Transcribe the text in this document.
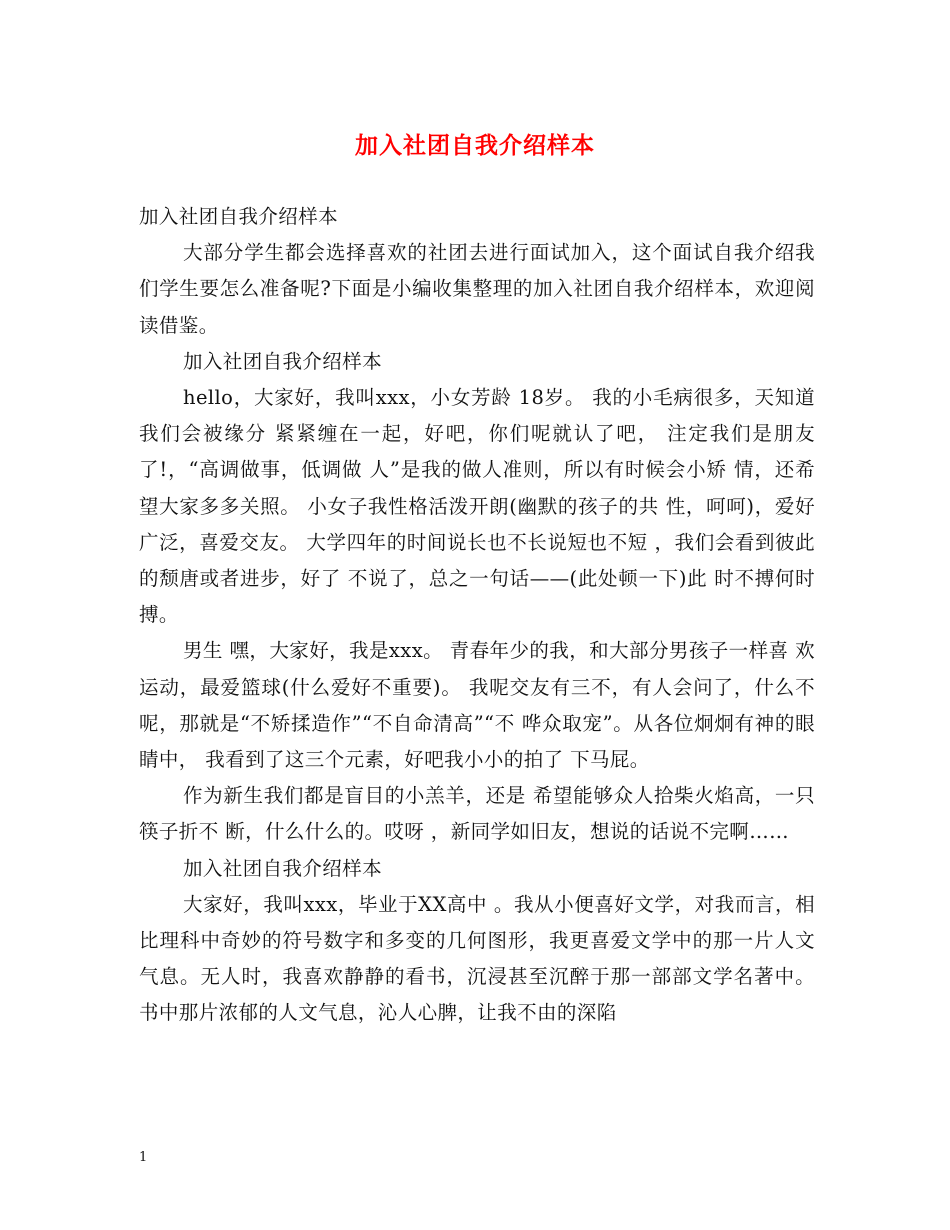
加入社团自我介绍样本

加入社团自我介绍样本

大部分学生都会选择喜欢的社团去进行面试加入，这个面试自我介绍我们学生要怎么准备呢?下面是小编收集整理的加入社团自我介绍样本，欢迎阅读借鉴。

加入社团自我介绍样本

hello，大家好，我叫xxx，小女芳龄 18岁。 我的小毛病很多，天知道我们会被缘分 紧紧缠在一起，好吧，你们呢就认了吧， 注定我们是朋友了!，“高调做事，低调做 人”是我的做人准则，所以有时候会小矫 情，还希望大家多多关照。 小女子我性格活泼开朗(幽默的孩子的共 性，呵呵)，爱好广泛，喜爱交友。 大学四年的时间说长也不长说短也不短 ，我们会看到彼此的颓唐或者进步，好了 不说了，总之一句话——(此处顿一下)此 时不搏何时搏。

男生 嘿，大家好，我是xxx。 青春年少的我，和大部分男孩子一样喜 欢运动，最爱篮球(什么爱好不重要)。 我呢交友有三不，有人会问了，什么不 呢，那就是“不矫揉造作”“不自命清高”“不 哗众取宠”。从各位炯炯有神的眼睛中， 我看到了这三个元素，好吧我小小的拍了 下马屁。

作为新生我们都是盲目的小羔羊，还是 希望能够众人拾柴火焰高，一只筷子折不 断，什么什么的。哎呀 ，新同学如旧友，想说的话说不完啊……

加入社团自我介绍样本

大家好，我叫xxx，毕业于XX高中 。我从小便喜好文学，对我而言，相比理科中奇妙的符号数字和多变的几何图形，我更喜爱文学中的那一片人文气息。无人时，我喜欢静静的看书，沉浸甚至沉醉于那一部部文学名著中。书中那片浓郁的人文气息，沁人心脾，让我不由的深陷

1
